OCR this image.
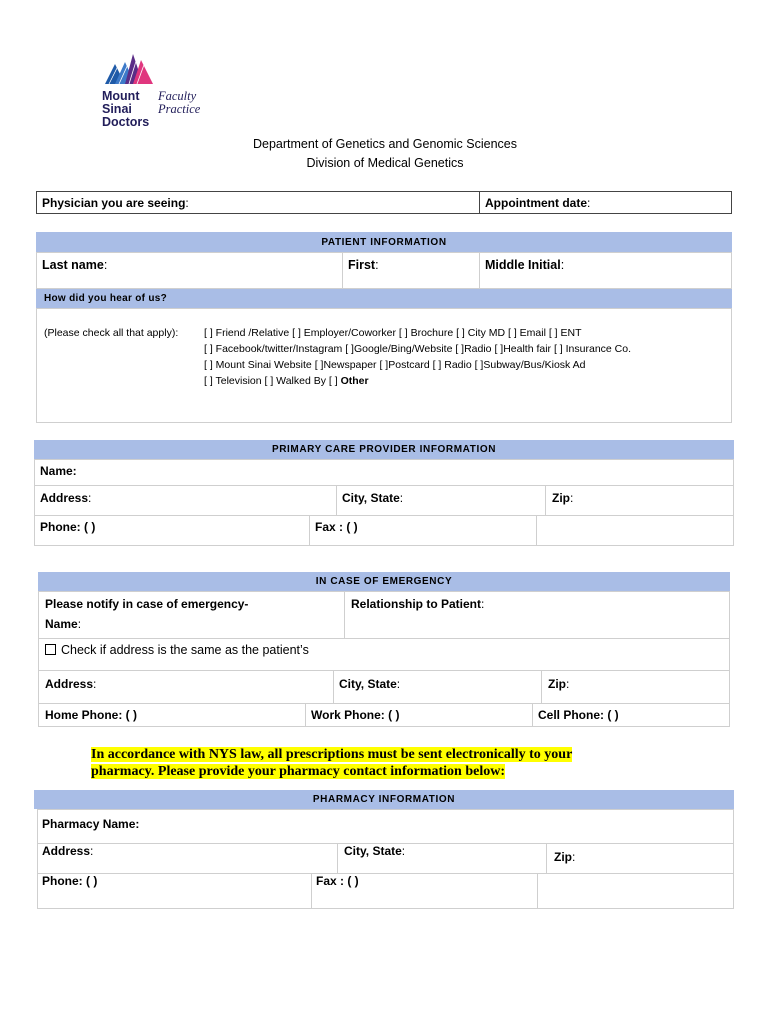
Mount
Sinai
Doctors
Faculty
Practice
Department of Genetics and Genomic Sciences
Division of Medical Genetics
Physician you are seeing:	Appointment date:
PATIENT INFORMATION
Last name:	First:	Middle Initial:
How did you hear of us?
(Please check all that apply): [ ] Friend /Relative [ ] Employer/Coworker [ ] Brochure [ ] City MD [ ] Email [ ] ENT
[ ] Facebook/twitter/Instagram [ ]Google/Bing/Website [ ]Radio [ ]Health fair [ ] Insurance Co.
[ ] Mount Sinai Website [ ]Newspaper [ ]Postcard [ ] Radio [ ]Subway/Bus/Kiosk Ad
[ ] Television [ ] Walked By [ ] Other
PRIMARY CARE PROVIDER INFORMATION
Name:
Address:	City, State:	Zip:
Phone: ( )	Fax : ( )
IN CASE OF EMERGENCY
Please notify in case of emergency-
Name:
Relationship to Patient:
Check if address is the same as the patient’s
Address:	City, State:	Zip:
Home Phone: ( )	Work Phone: ( )	Cell Phone: ( )
In accordance with NYS law, all prescriptions must be sent electronically to your
pharmacy. Please provide your pharmacy contact information below:
PHARMACY INFORMATION
Pharmacy Name:
Address:	City, State:	Zip:
Phone: ( )	Fax : ( )
